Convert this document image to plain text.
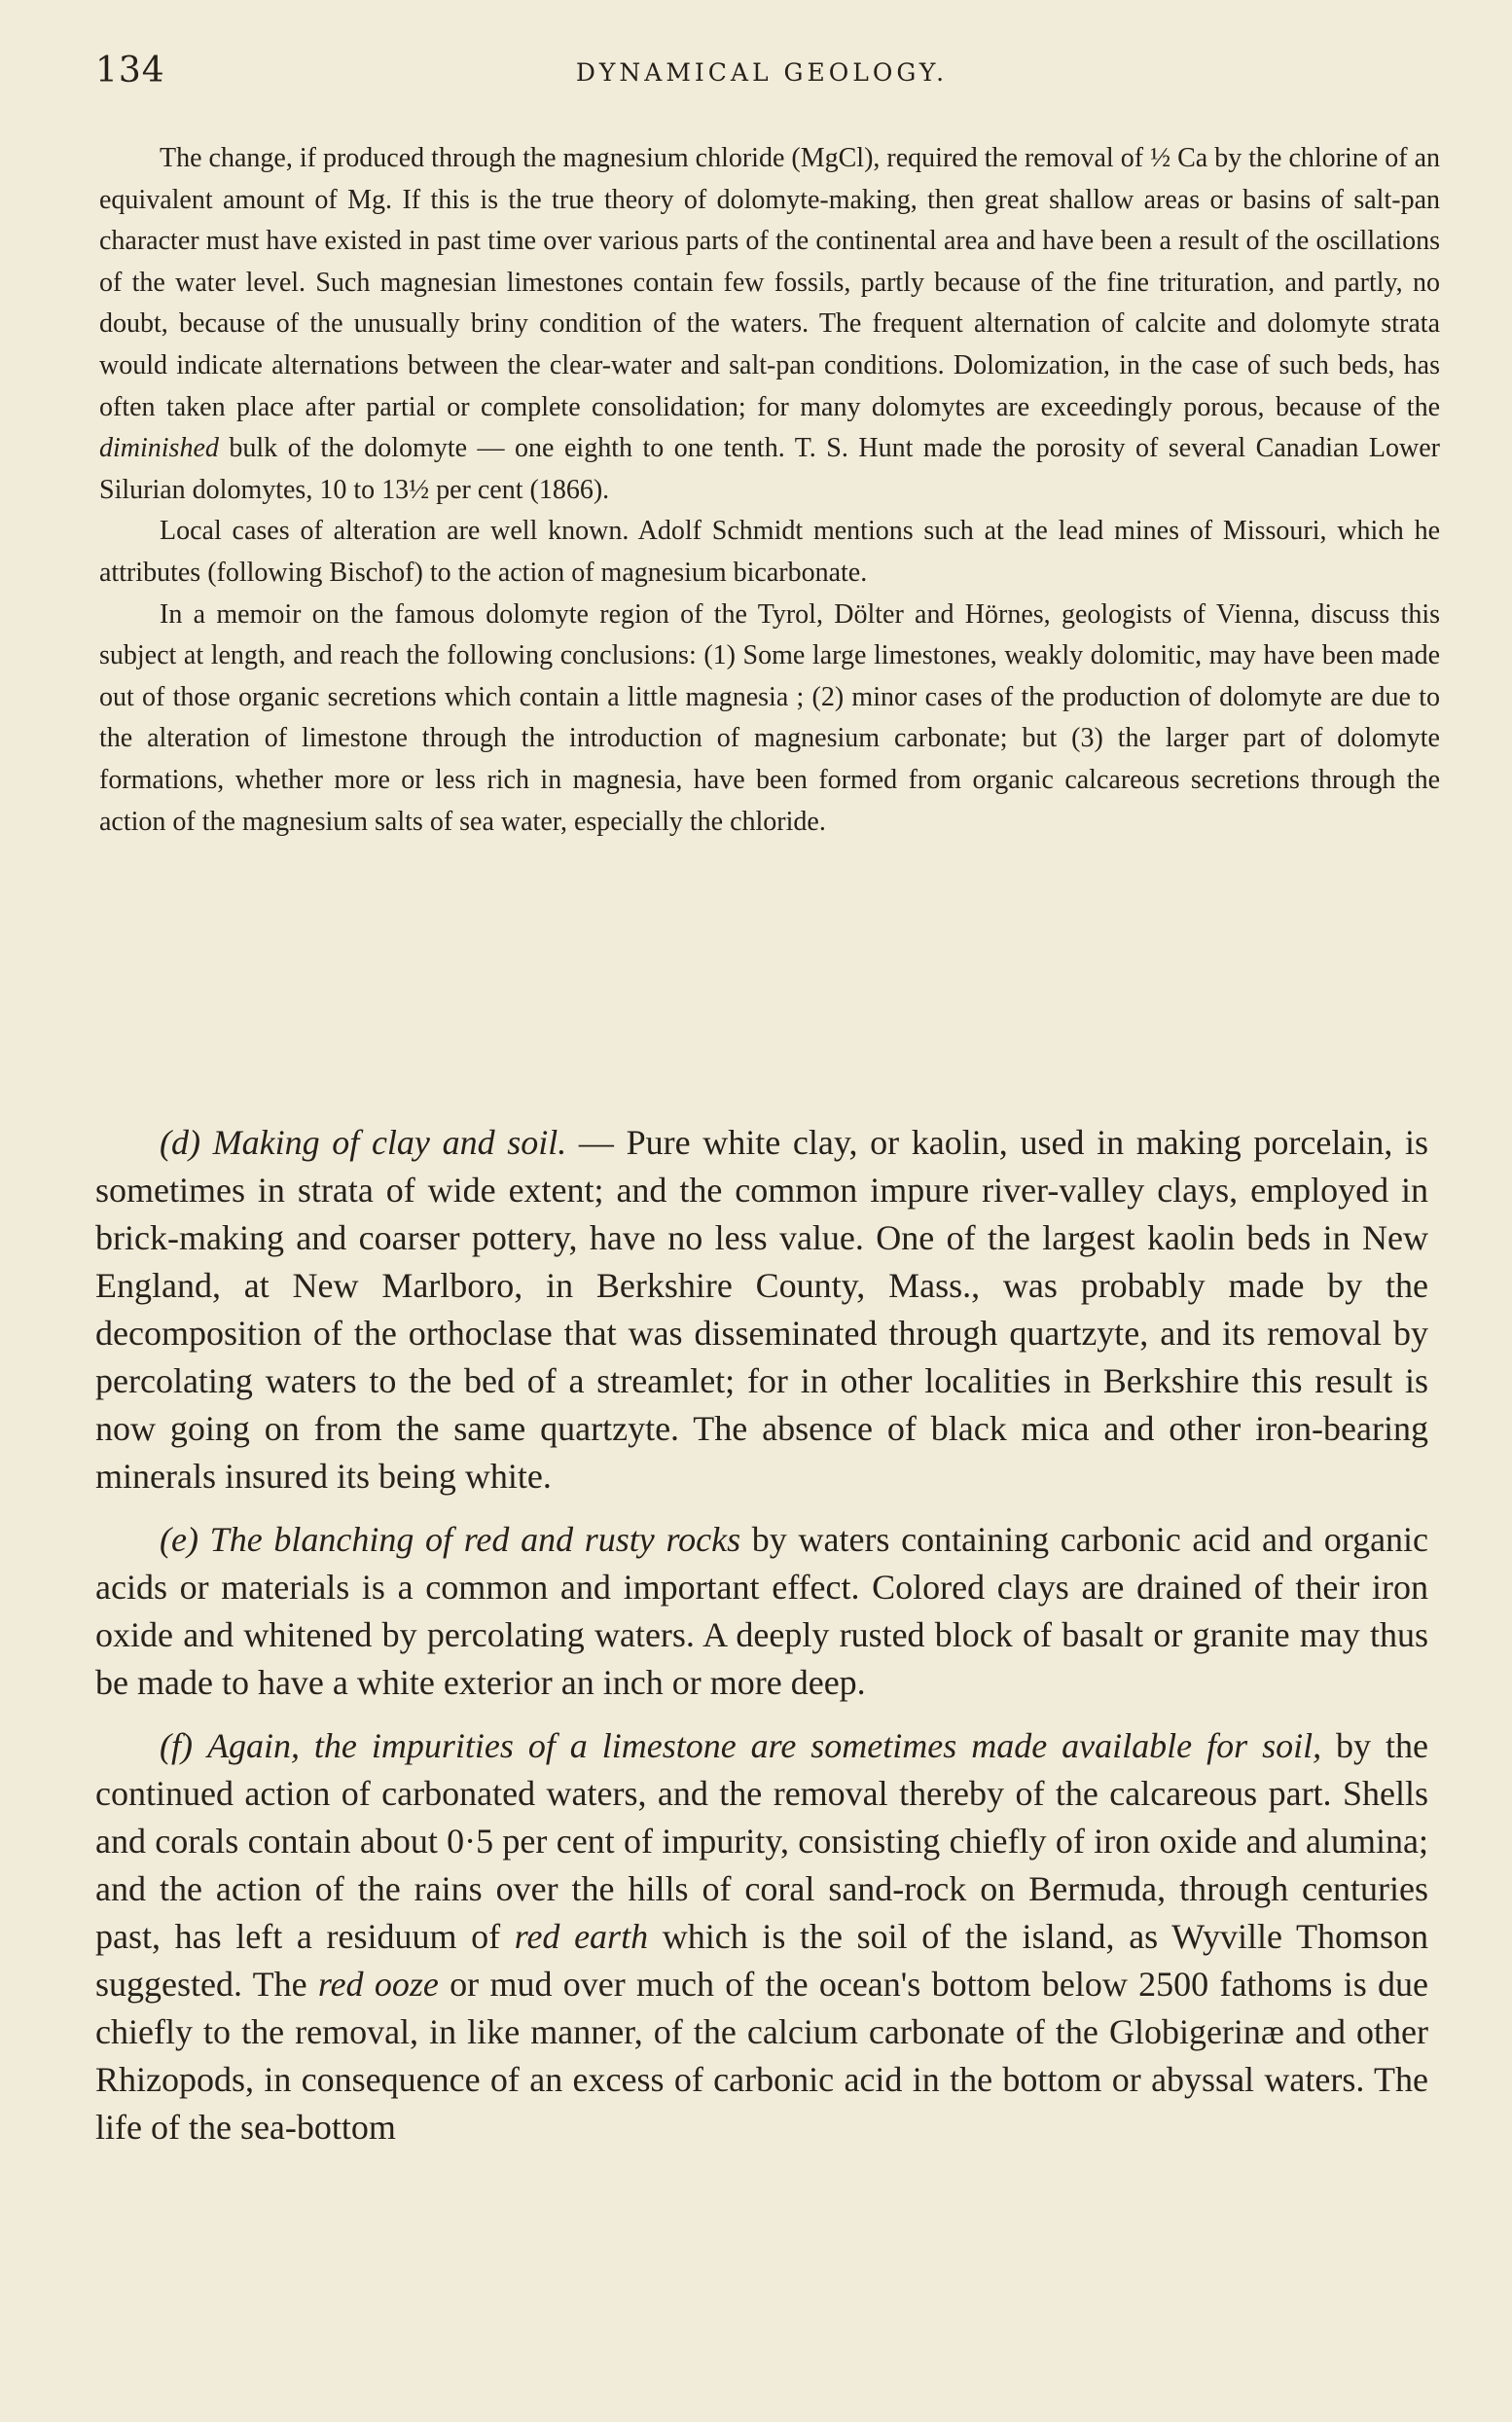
134	DYNAMICAL GEOLOGY.

The change, if produced through the magnesium chloride (MgCl), required the removal of ½ Ca by the chlorine of an equivalent amount of Mg. If this is the true theory of dolomyte-making, then great shallow areas or basins of salt-pan character must have existed in past time over various parts of the continental area and have been a result of the oscillations of the water level. Such magnesian limestones contain few fossils, partly because of the fine trituration, and partly, no doubt, because of the unusually briny condition of the waters. The frequent alternation of calcite and dolomyte strata would indicate alternations between the clear-water and salt-pan conditions. Dolomization, in the case of such beds, has often taken place after partial or complete consolidation; for many dolomytes are exceedingly porous, because of the diminished bulk of the dolomyte — one eighth to one tenth. T. S. Hunt made the porosity of several Canadian Lower Silurian dolomytes, 10 to 13½ per cent (1866).

Local cases of alteration are well known. Adolf Schmidt mentions such at the lead mines of Missouri, which he attributes (following Bischof) to the action of magnesium bicarbonate.

In a memoir on the famous dolomyte region of the Tyrol, Dölter and Hörnes, geologists of Vienna, discuss this subject at length, and reach the following conclusions: (1) Some large limestones, weakly dolomitic, may have been made out of those organic secretions which contain a little magnesia ; (2) minor cases of the production of dolomyte are due to the alteration of limestone through the introduction of magnesium carbonate; but (3) the larger part of dolomyte formations, whether more or less rich in magnesia, have been formed from organic calcareous secretions through the action of the magnesium salts of sea water, especially the chloride.

(d) Making of clay and soil. — Pure white clay, or kaolin, used in making porcelain, is sometimes in strata of wide extent; and the common impure river-valley clays, employed in brick-making and coarser pottery, have no less value. One of the largest kaolin beds in New England, at New Marlboro, in Berkshire County, Mass., was probably made by the decomposition of the orthoclase that was disseminated through quartzyte, and its removal by percolating waters to the bed of a streamlet; for in other localities in Berkshire this result is now going on from the same quartzyte. The absence of black mica and other iron-bearing minerals insured its being white.

(e) The blanching of red and rusty rocks by waters containing carbonic acid and organic acids or materials is a common and important effect. Colored clays are drained of their iron oxide and whitened by percolating waters. A deeply rusted block of basalt or granite may thus be made to have a white exterior an inch or more deep.

(f) Again, the impurities of a limestone are sometimes made available for soil, by the continued action of carbonated waters, and the removal thereby of the calcareous part. Shells and corals contain about 0·5 per cent of impurity, consisting chiefly of iron oxide and alumina; and the action of the rains over the hills of coral sand-rock on Bermuda, through centuries past, has left a residuum of red earth which is the soil of the island, as Wyville Thomson suggested. The red ooze or mud over much of the ocean's bottom below 2500 fathoms is due chiefly to the removal, in like manner, of the calcium carbonate of the Globigerinæ and other Rhizopods, in consequence of an excess of carbonic acid in the bottom or abyssal waters. The life of the sea-bottom
